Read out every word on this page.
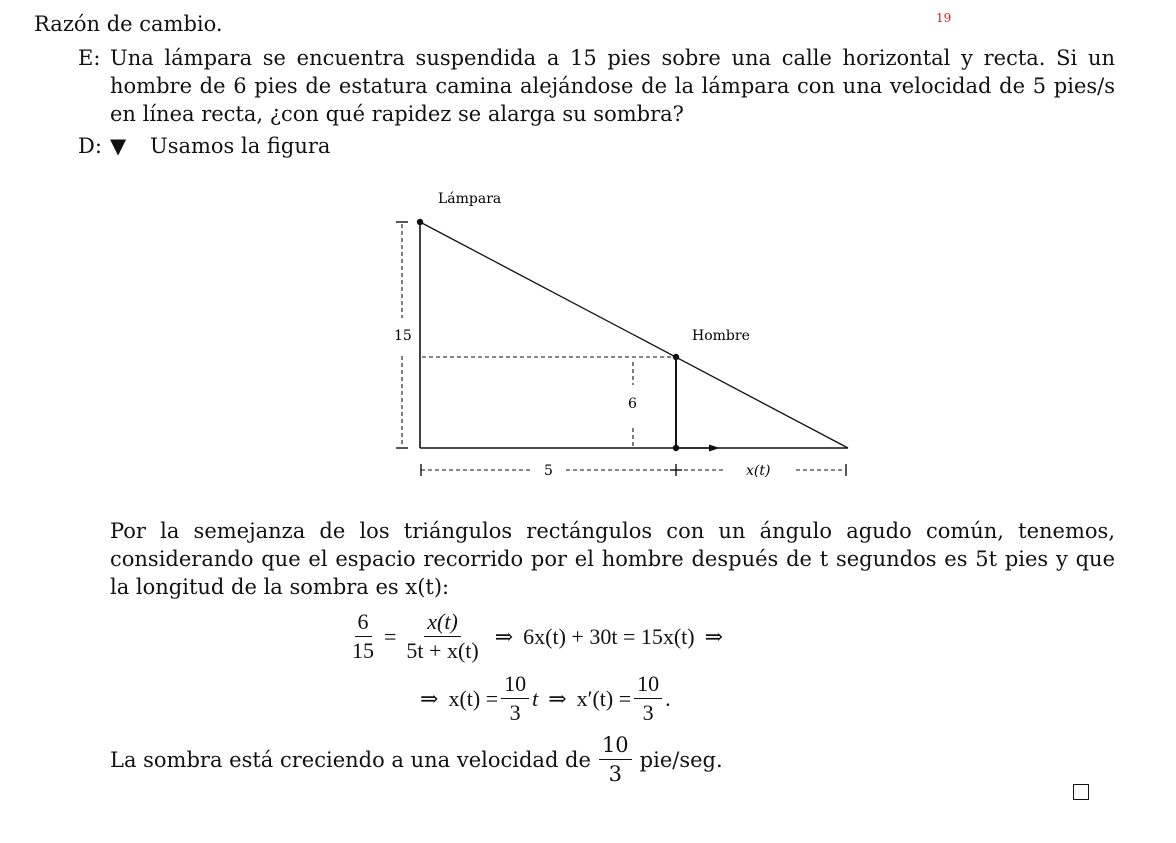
Razón de cambio.	19
E: Una lámpara se encuentra suspendida a 15 pies sobre una calle horizontal y recta. Si un hombre de 6 pies de estatura camina alejándose de la lámpara con una velocidad de 5 pies/s en línea recta, ¿con qué rapidez se alarga su sombra?
D: ▼ Usamos la figura
Lámpara
Hombre
15
6
5	x(t)
Por la semejanza de los triángulos rectángulos con un ángulo agudo común, tenemos, considerando que el espacio recorrido por el hombre después de t segundos es 5t pies y que la longitud de la sombra es x(t):
$\frac{6}{15} = \frac{x(t)}{5t + x(t)}$ ⇒ 6x(t) + 30t = 15x(t) ⇒
⇒ $x(t) = \frac{10}{3}$ t ⇒ $x'(t) = \frac{10}{3}$ .
La sombra está creciendo a una velocidad de $\frac{10}{3} pie/seg$.
